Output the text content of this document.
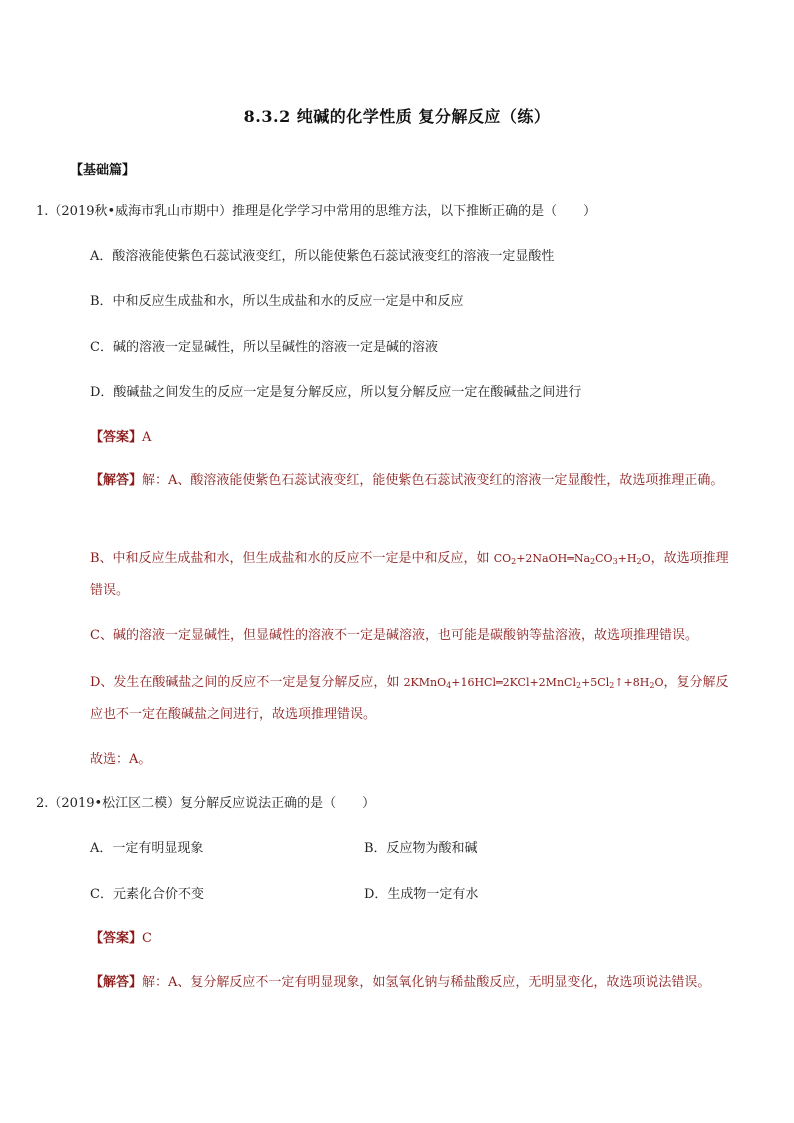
8.3.2 纯碱的化学性质 复分解反应（练）
【基础篇】
1.（2019秋•威海市乳山市期中）推理是化学学习中常用的思维方法，以下推断正确的是（　　）
A．酸溶液能使紫色石蕊试液变红，所以能使紫色石蕊试液变红的溶液一定显酸性
B．中和反应生成盐和水，所以生成盐和水的反应一定是中和反应
C．碱的溶液一定显碱性，所以呈碱性的溶液一定是碱的溶液
D．酸碱盐之间发生的反应一定是复分解反应，所以复分解反应一定在酸碱盐之间进行
【答案】A
【解答】解：A、酸溶液能使紫色石蕊试液变红，能使紫色石蕊试液变红的溶液一定显酸性，故选项推理正确。
B、中和反应生成盐和水，但生成盐和水的反应不一定是中和反应，如 $CO_2+2NaOH═Na_2CO_3+H_2O$，故选项推理错误。
C、碱的溶液一定显碱性，但显碱性的溶液不一定是碱溶液，也可能是碳酸钠等盐溶液，故选项推理错误。
D、发生在酸碱盐之间的反应不一定是复分解反应，如 $2KMnO_4+16HCl═2KCl+2MnCl_2+5Cl_2↑+8H_2O$，复分解反应也不一定在酸碱盐之间进行，故选项推理错误。
故选：A。
2.（2019•松江区二模）复分解反应说法正确的是（　　）
A．一定有明显现象	B．反应物为酸和碱
C．元素化合价不变	D．生成物一定有水
【答案】C
【解答】解：A、复分解反应不一定有明显现象，如氢氧化钠与稀盐酸反应，无明显变化，故选项说法错误。
